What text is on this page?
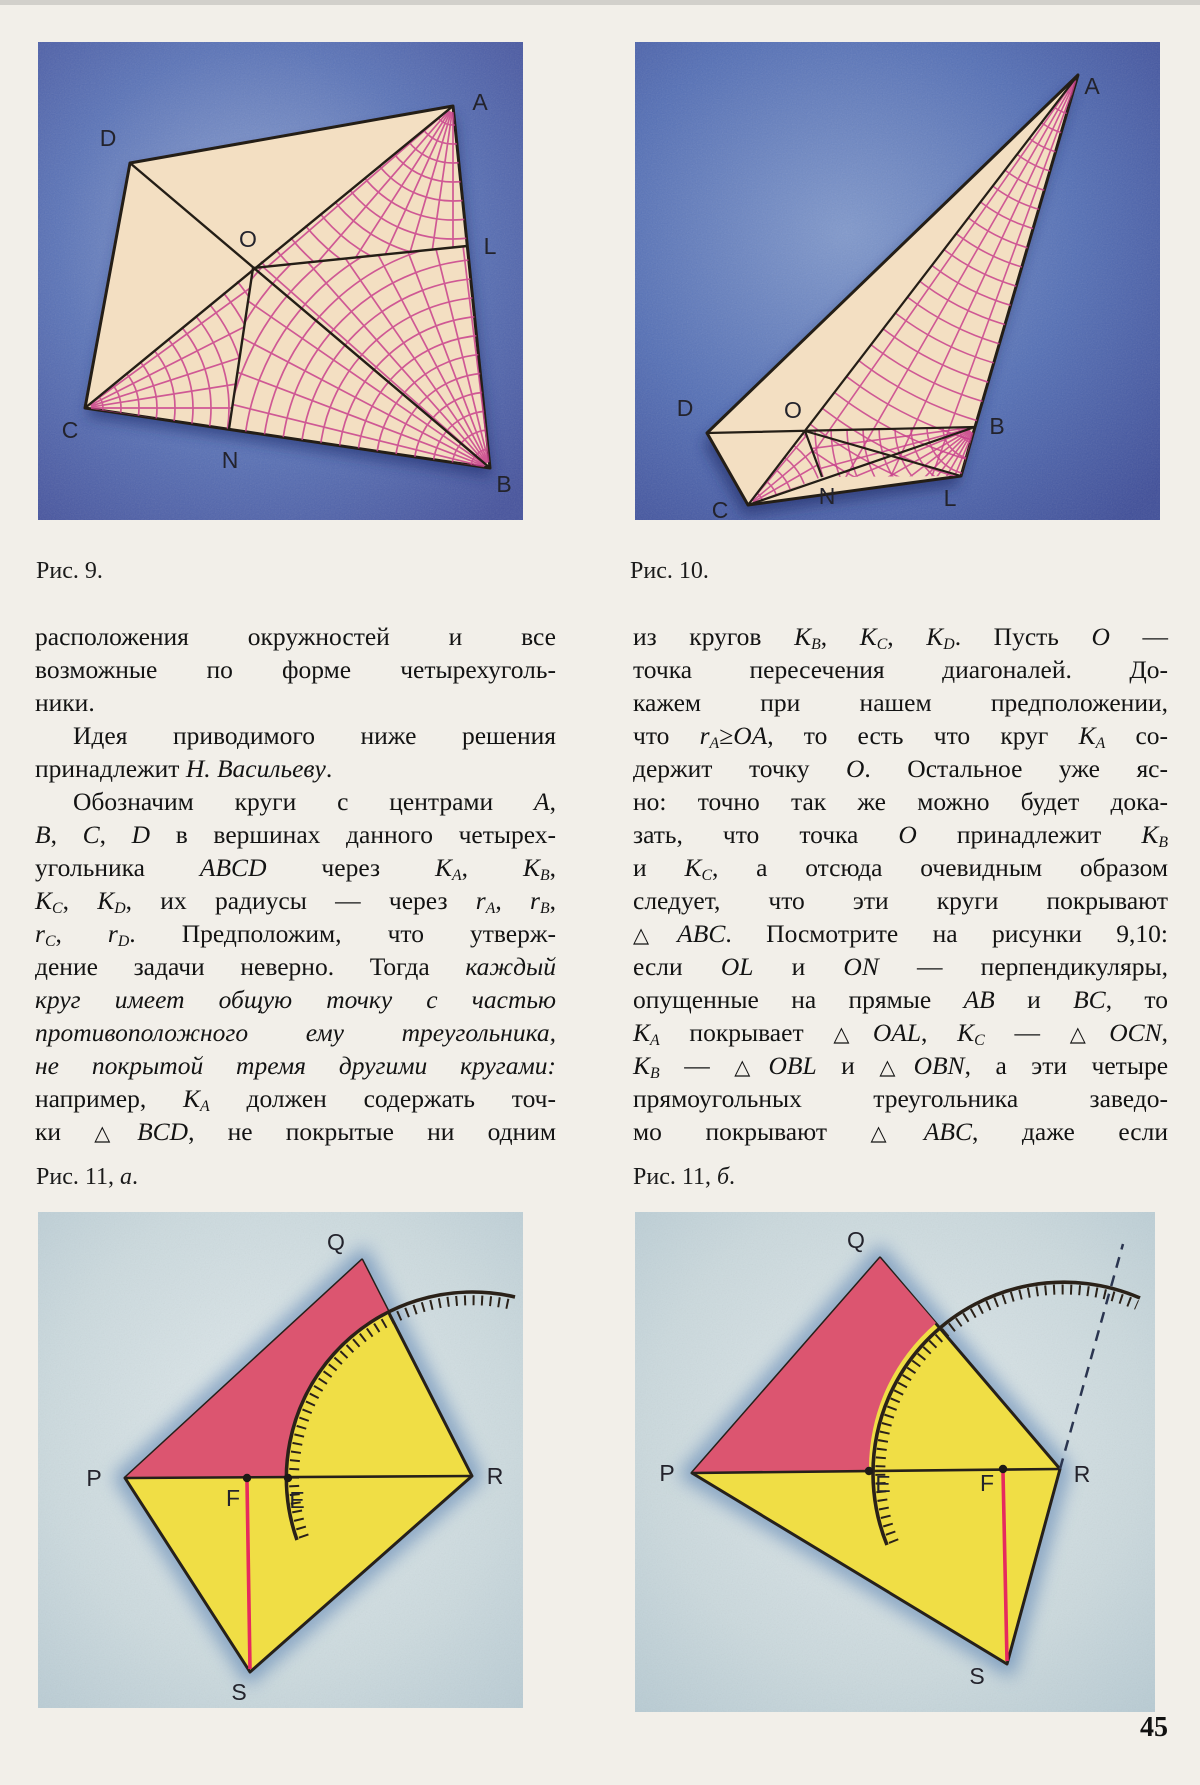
A
D
O	L
C
N
B
A
D	O
B
C
N	L
Рис. 9.	Рис. 10.
расположения окружностей и все
возможные по форме четырехуголь-
ники.
Идея приводимого ниже решения
принадлежит Н. Васильеву.
Обозначим круги с центрами A,
B, C, D в вершинах данного четырех-
угольника ABCD через KA, KB,
KC, KD, их радиусы — через rA, rB,
rC, rD. Предположим, что утверж-
дение задачи неверно. Тогда каждый
круг имеет общую точку с частью
противоположного ему треугольника,
не покрытой тремя другими кругами:
например, KA должен содержать точ-
ки △BCD, не покрытые ни одним
из кругов KB, KC, KD. Пусть O —
точка пересечения диагоналей. До-
кажем при нашем предположении,
что rA≥OA, то есть что круг KA со-
держит точку O. Остальное уже яс-
но: точно так же можно будет дока-
зать, что точка O принадлежит KB
и KC, а отсюда очевидным образом
следует, что эти круги покрывают
△ABC. Посмотрите на рисунки 9,10:
если OL и ON — перпендикуляры,
опущенные на прямые AB и BC, то
KA покрывает △OAL, KC — △OCN,
KB — △OBL и △OBN, а эти четыре
прямоугольных треугольника заведо-
мо покрывают △ABC, даже если
Рис. 11, а.	Рис. 11, б.
P
Q
R
S
F E
P
Q
R
S
E	F
45
